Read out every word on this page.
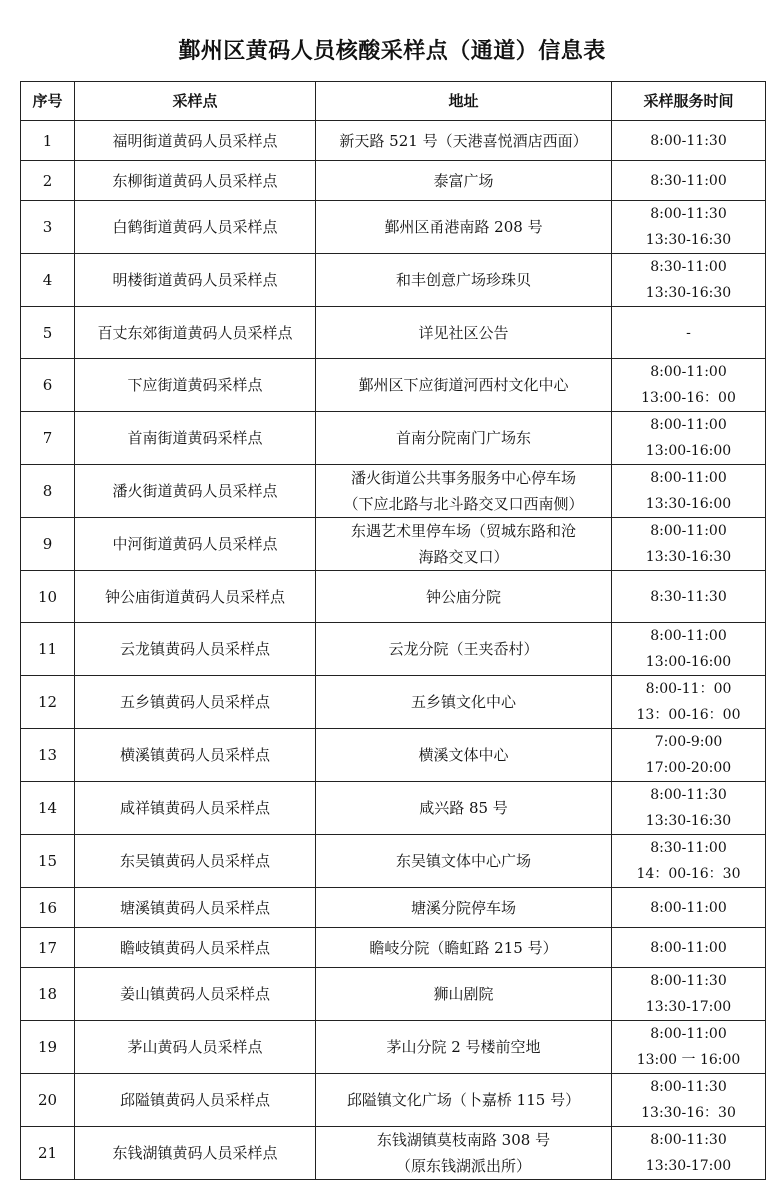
鄞州区黄码人员核酸采样点（通道）信息表
序号	采样点	地址	采样服务时间
1	福明街道黄码人员采样点	新天路 521 号（天港喜悦酒店西面）	8:00-11:30

2	东柳街道黄码人员采样点	泰富广场	8:30-11:00

3	白鹤街道黄码人员采样点	鄞州区甬港南路 208 号	8:00-11:30
13:30-16:30

4	明楼街道黄码人员采样点	和丰创意广场珍珠贝	8:30-11:00
13:30-16:30

5	百丈东郊街道黄码人员采样点	详见社区公告	-

6	下应街道黄码采样点	鄞州区下应街道河西村文化中心	8:00-11:00
13:00-16：00

7	首南街道黄码采样点	首南分院南门广场东	8:00-11:00
13:00-16:00

8	潘火街道黄码人员采样点	潘火街道公共事务服务中心停车场
（下应北路与北斗路交叉口西南侧）	8:00-11:00
13:30-16:00

9	中河街道黄码人员采样点	东遇艺术里停车场（贸城东路和沧
海路交叉口）	8:00-11:00
13:30-16:30

10	钟公庙街道黄码人员采样点	钟公庙分院	8:30-11:30

11	云龙镇黄码人员采样点	云龙分院（王夹岙村）	8:00-11:00
13:00-16:00

12	五乡镇黄码人员采样点	五乡镇文化中心	8:00-11：00
13：00-16：00

13	横溪镇黄码人员采样点	横溪文体中心	7:00-9:00
17:00-20:00

14	咸祥镇黄码人员采样点	咸兴路 85 号	8:00-11:30
13:30-16:30

15	东吴镇黄码人员采样点	东吴镇文体中心广场	8:30-11:00
14：00-16：30

16	塘溪镇黄码人员采样点	塘溪分院停车场	8:00-11:00

17	瞻岐镇黄码人员采样点	瞻岐分院（瞻虹路 215 号）	8:00-11:00

18	姜山镇黄码人员采样点	狮山剧院	8:00-11:30
13:30-17:00

19	茅山黄码人员采样点	茅山分院 2 号楼前空地	8:00-11:00
13:00 一 16:00

20	邱隘镇黄码人员采样点	邱隘镇文化广场（卜嘉桥 115 号）	8:00-11:30
13:30-16：30

21	东钱湖镇黄码人员采样点	东钱湖镇莫枝南路 308 号
（原东钱湖派出所）	8:00-11:30
13:30-17:00
